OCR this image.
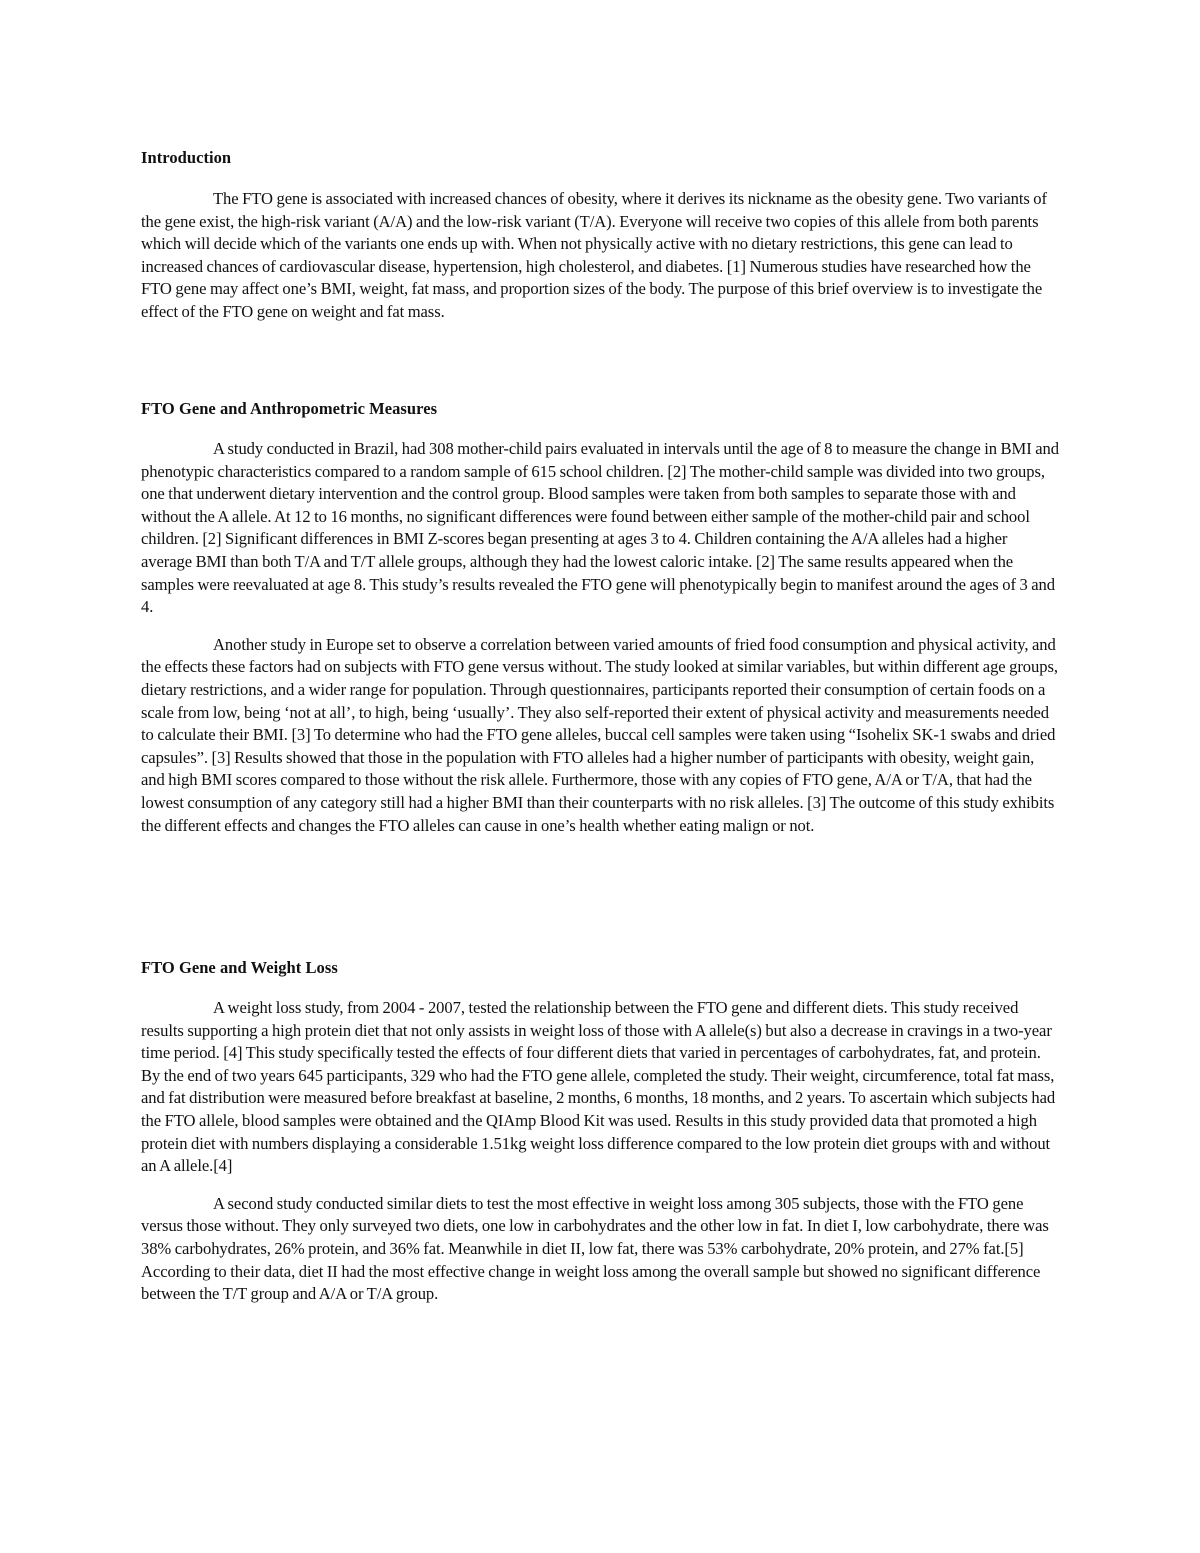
Introduction

The FTO gene is associated with increased chances of obesity, where it derives its nickname as the obesity gene. Two variants of the gene exist, the high-risk variant (A/A) and the low-risk variant (T/A). Everyone will receive two copies of this allele from both parents which will decide which of the variants one ends up with. When not physically active with no dietary restrictions, this gene can lead to increased chances of cardiovascular disease, hypertension, high cholesterol, and diabetes. [1] Numerous studies have researched how the FTO gene may affect one’s BMI, weight, fat mass, and proportion sizes of the body. The purpose of this brief overview is to investigate the effect of the FTO gene on weight and fat mass.

FTO Gene and Anthropometric Measures

A study conducted in Brazil, had 308 mother-child pairs evaluated in intervals until the age of 8 to measure the change in BMI and phenotypic characteristics compared to a random sample of 615 school children. [2] The mother-child sample was divided into two groups, one that underwent dietary intervention and the control group. Blood samples were taken from both samples to separate those with and without the A allele. At 12 to 16 months, no significant differences were found between either sample of the mother-child pair and school children. [2] Significant differences in BMI Z-scores began presenting at ages 3 to 4. Children containing the A/A alleles had a higher average BMI than both T/A and T/T allele groups, although they had the lowest caloric intake. [2] The same results appeared when the samples were reevaluated at age 8. This study’s results revealed the FTO gene will phenotypically begin to manifest around the ages of 3 and 4.

Another study in Europe set to observe a correlation between varied amounts of fried food consumption and physical activity, and the effects these factors had on subjects with FTO gene versus without. The study looked at similar variables, but within different age groups, dietary restrictions, and a wider range for population. Through questionnaires, participants reported their consumption of certain foods on a scale from low, being ‘not at all’, to high, being ‘usually’. They also self-reported their extent of physical activity and measurements needed to calculate their BMI. [3] To determine who had the FTO gene alleles, buccal cell samples were taken using “Isohelix SK-1 swabs and dried capsules”. [3] Results showed that those in the population with FTO alleles had a higher number of participants with obesity, weight gain, and high BMI scores compared to those without the risk allele. Furthermore, those with any copies of FTO gene, A/A or T/A, that had the lowest consumption of any category still had a higher BMI than their counterparts with no risk alleles. [3] The outcome of this study exhibits the different effects and changes the FTO alleles can cause in one’s health whether eating malign or not.

FTO Gene and Weight Loss

A weight loss study, from 2004 - 2007, tested the relationship between the FTO gene and different diets. This study received results supporting a high protein diet that not only assists in weight loss of those with A allele(s) but also a decrease in cravings in a two-year time period. [4] This study specifically tested the effects of four different diets that varied in percentages of carbohydrates, fat, and protein. By the end of two years 645 participants, 329 who had the FTO gene allele, completed the study. Their weight, circumference, total fat mass, and fat distribution were measured before breakfast at baseline, 2 months, 6 months, 18 months, and 2 years. To ascertain which subjects had the FTO allele, blood samples were obtained and the QIAmp Blood Kit was used. Results in this study provided data that promoted a high protein diet with numbers displaying a considerable 1.51kg weight loss difference compared to the low protein diet groups with and without an A allele.[4]

A second study conducted similar diets to test the most effective in weight loss among 305 subjects, those with the FTO gene versus those without. They only surveyed two diets, one low in carbohydrates and the other low in fat. In diet I, low carbohydrate, there was 38% carbohydrates, 26% protein, and 36% fat. Meanwhile in diet II, low fat, there was 53% carbohydrate, 20% protein, and 27% fat.[5] According to their data, diet II had the most effective change in weight loss among the overall sample but showed no significant difference between the T/T group and A/A or T/A group.
